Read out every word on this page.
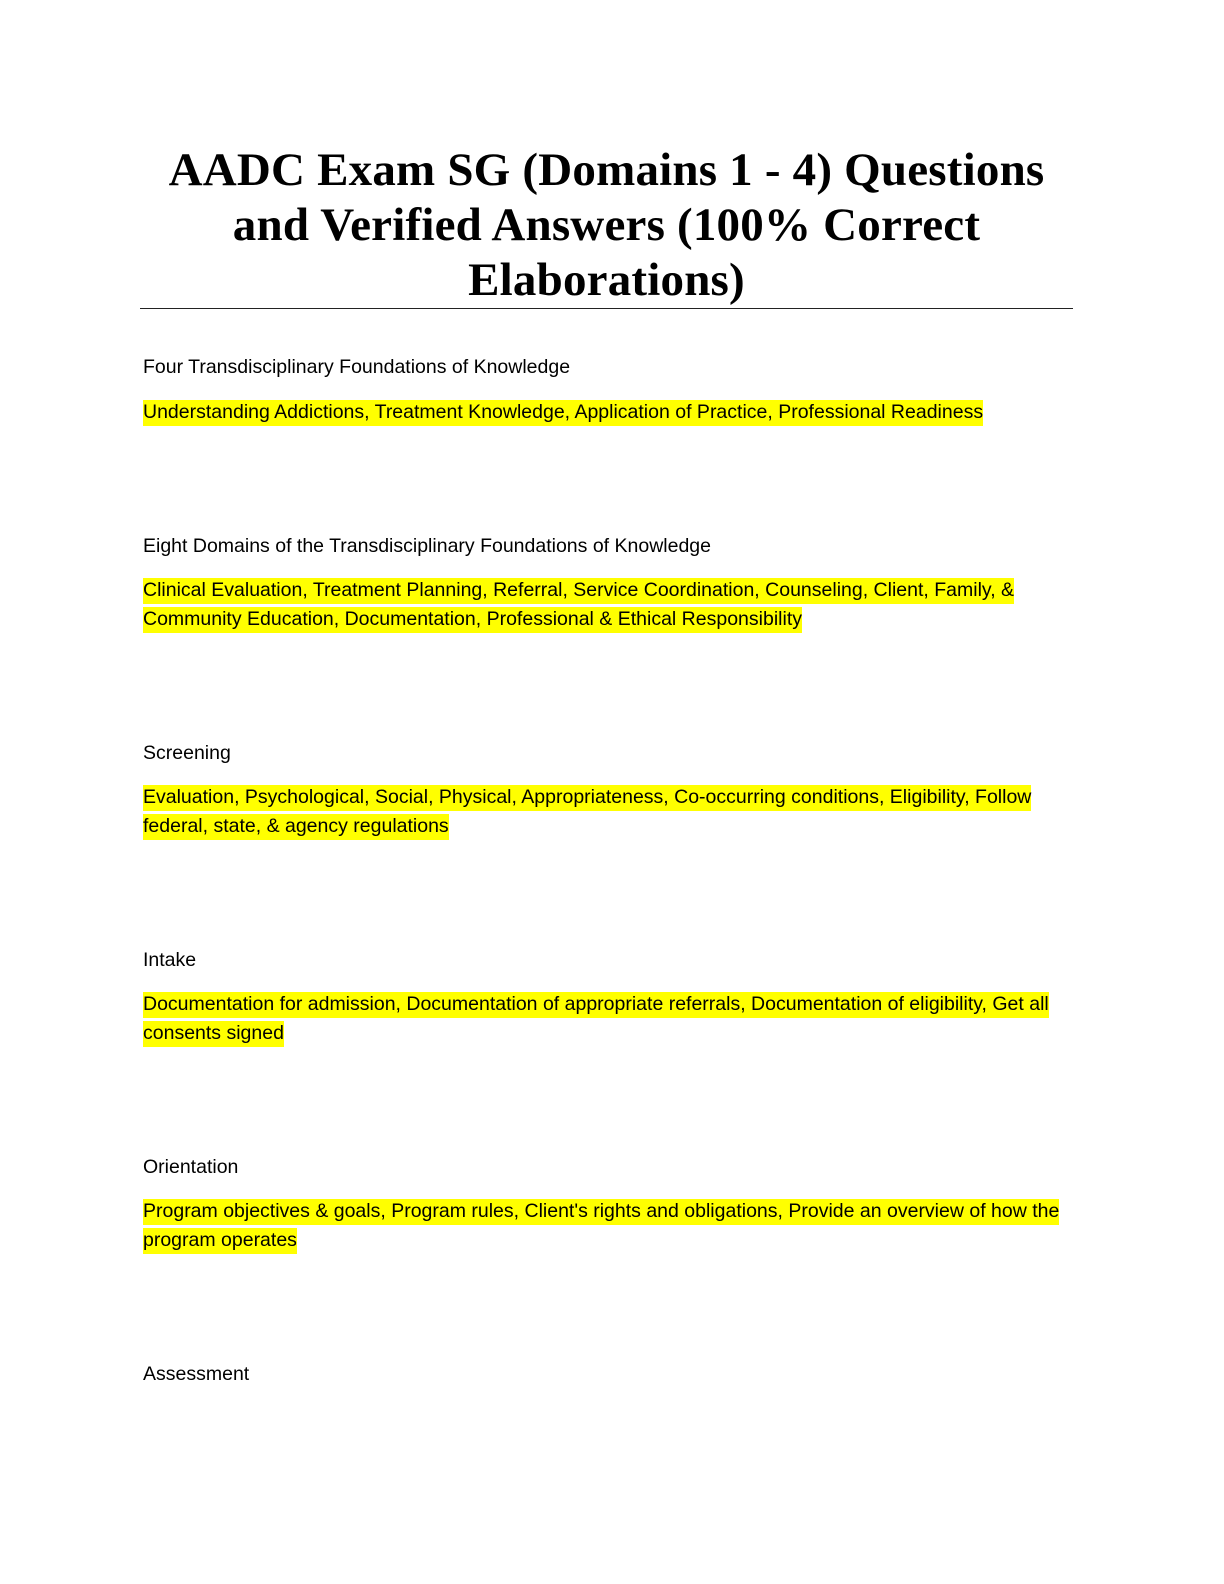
AADC Exam SG (Domains 1 - 4) Questions and Verified Answers (100% Correct Elaborations)

Four Transdisciplinary Foundations of Knowledge

Understanding Addictions, Treatment Knowledge, Application of Practice, Professional Readiness

Eight Domains of the Transdisciplinary Foundations of Knowledge

Clinical Evaluation, Treatment Planning, Referral, Service Coordination, Counseling, Client, Family, & Community Education, Documentation, Professional & Ethical Responsibility

Screening

Evaluation, Psychological, Social, Physical, Appropriateness, Co-occurring conditions, Eligibility, Follow federal, state, & agency regulations

Intake

Documentation for admission, Documentation of appropriate referrals, Documentation of eligibility, Get all consents signed

Orientation

Program objectives & goals, Program rules, Client's rights and obligations, Provide an overview of how the program operates

Assessment
